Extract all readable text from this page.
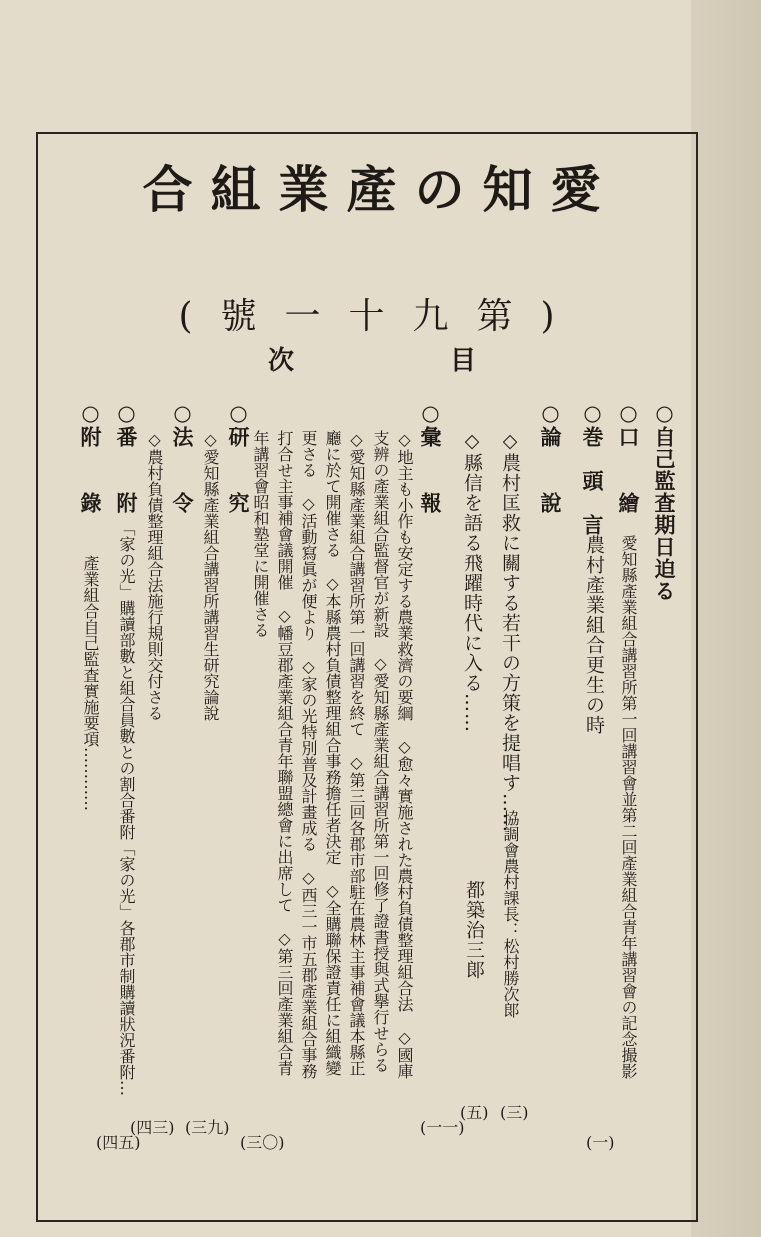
合組業產の知愛
(號一十九第)
次	目
○自己監査期日迫る
○口　　繪
愛知縣產業組合講習所第一回講習會並第二回產業組合青年講習會の記念撮影
(一)
○巻　頭　言
農村產業組合更生の時
○論　　說
◇農村匡救に關する若干の方策を提唱す……
協調會農村課長：松村勝次郞
(三)
◇縣信を語る飛躍時代に入る……
都築治三郞
(五)
○彙　　報
(一一)
◇地主も小作も安定する農業救濟の要綱　◇愈々實施された農村負債整理組合法　◇國庫
支辨の產業組合監督官が新設　◇愛知縣產業組合講習所第一回修了證書授與式擧行せらる
◇愛知縣產業組合講習所第一回講習を終て　◇第三回各郡市部駐在農林主事補會議本縣正
廳に於て開催さる　◇本縣農村負債整理組合事務擔任者決定　◇全購聯保證責任に組織變
更さる　◇活動寫眞が便より　◇家の光特別普及計畫成る　◇西三一市五郡產業組合事務
打合せ主事補會議開催　◇幡豆郡產業組合青年聯盟總會に出席して　◇第三回產業組合青
年講習會昭和塾堂に開催さる
○研　　究
(三〇)
◇愛知縣產業組合講習所講習生研究論說
○法　　令
(三九)
◇農村負債整理組合法施行規則交付さる
○番　　附
「家の光」購讀部數と組合員數との割合番附「家の光」各郡市制購讀狀況番附…
(四三)
○附　　錄
產業組合自己監査實施要項…………
(四五)
